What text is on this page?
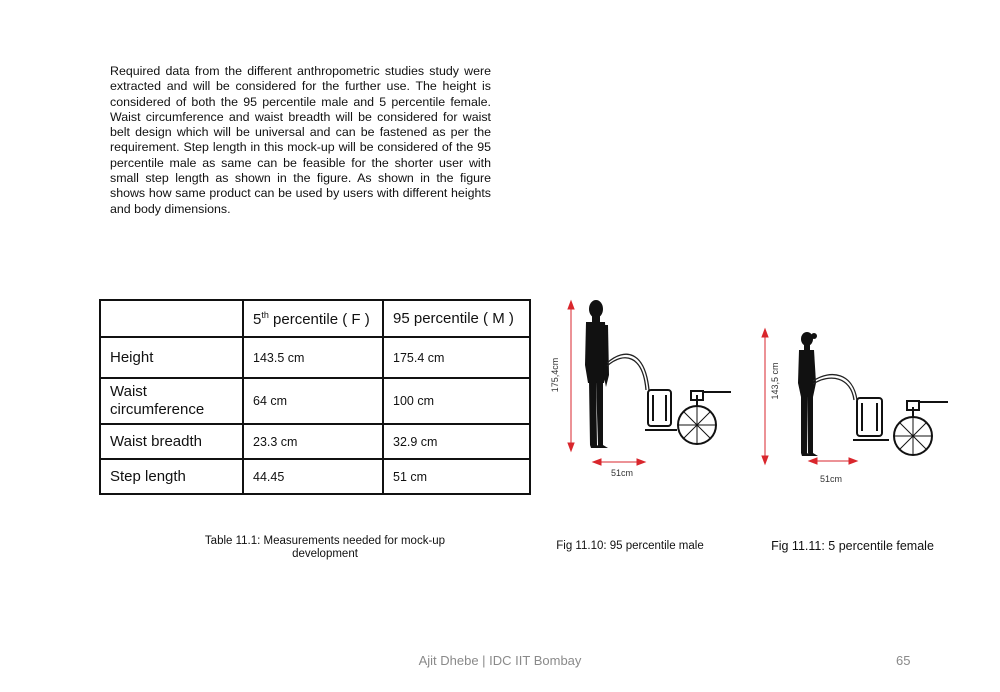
Required data from the different anthropometric studies study were extracted and will be considered for the further use. The height is considered of both the 95 percentile male and 5 percentile female. Waist circumference and waist breadth will be considered for waist belt design which will be universal and can be fastened as per the requirement. Step length in this mock-up will be considered of the 95 percentile male as same can be feasible for the shorter user with small step length as shown in the figure. As shown in the figure shows how same product can be used by users with different heights and body dimensions.

	5th percentile ( F )	95 percentile ( M )
Height	143.5 cm	175.4 cm
Waist circumference	64 cm	100 cm
Waist breadth	23.3 cm	32.9 cm
Step length	44.45	51 cm
Table 11.1: Measurements needed for mock-up development
175,4cm
51cm
Fig 11.10: 95 percentile male
143,5 cm
51cm
Fig 11.11: 5 percentile female
Ajit Dhebe | IDC IIT Bombay	65
